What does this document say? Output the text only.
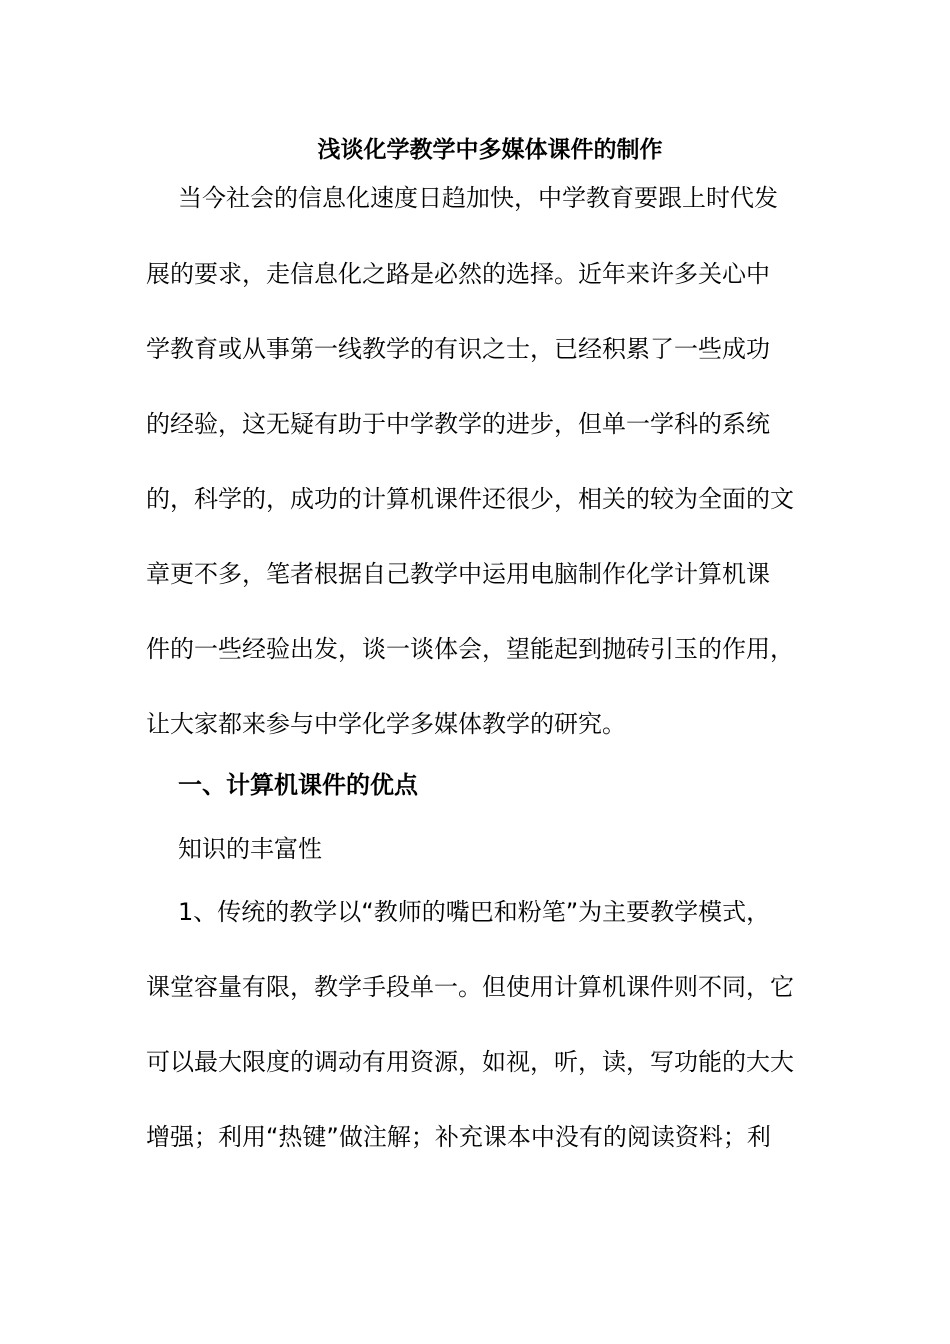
浅谈化学教学中多媒体课件的制作
当今社会的信息化速度日趋加快，中学教育要跟上时代发
展的要求，走信息化之路是必然的选择。近年来许多关心中
学教育或从事第一线教学的有识之士，已经积累了一些成功
的经验，这无疑有助于中学教学的进步，但单一学科的系统
的，科学的，成功的计算机课件还很少，相关的较为全面的文
章更不多，笔者根据自己教学中运用电脑制作化学计算机课
件的一些经验出发，谈一谈体会，望能起到抛砖引玉的作用，
让大家都来参与中学化学多媒体教学的研究。
一、计算机课件的优点
知识的丰富性
1、传统的教学以“教师的嘴巴和粉笔”为主要教学模式，
课堂容量有限，教学手段单一。但使用计算机课件则不同，它
可以最大限度的调动有用资源，如视，听，读，写功能的大大
增强；利用“热键”做注解；补充课本中没有的阅读资料；利
